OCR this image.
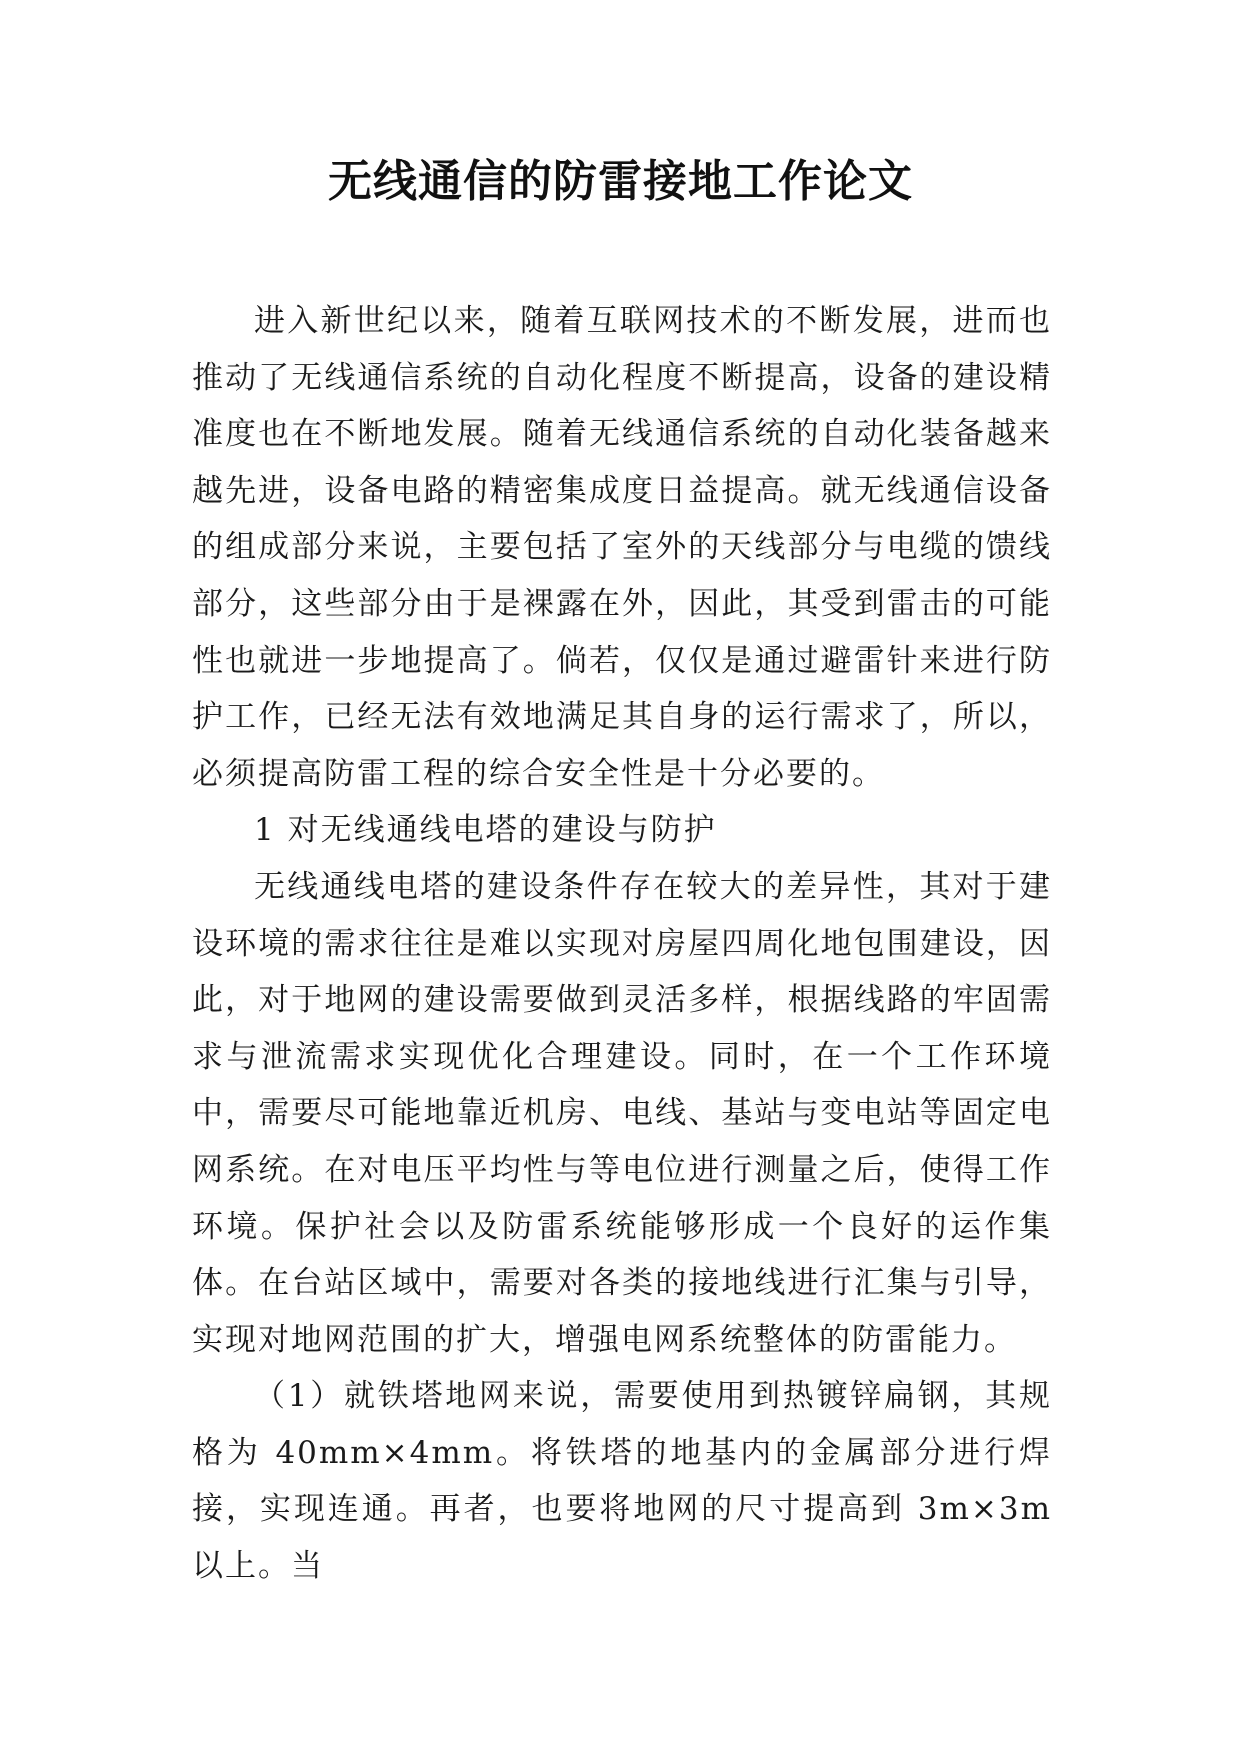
无线通信的防雷接地工作论文

进入新世纪以来，随着互联网技术的不断发展，进而也推动了无线通信系统的自动化程度不断提高，设备的建设精准度也在不断地发展。随着无线通信系统的自动化装备越来越先进，设备电路的精密集成度日益提高。就无线通信设备的组成部分来说，主要包括了室外的天线部分与电缆的馈线部分，这些部分由于是裸露在外，因此，其受到雷击的可能性也就进一步地提高了。倘若，仅仅是通过避雷针来进行防护工作，已经无法有效地满足其自身的运行需求了，所以，必须提高防雷工程的综合安全性是十分必要的。

1 对无线通线电塔的建设与防护

无线通线电塔的建设条件存在较大的差异性，其对于建设环境的需求往往是难以实现对房屋四周化地包围建设，因此，对于地网的建设需要做到灵活多样，根据线路的牢固需求与泄流需求实现优化合理建设。同时，在一个工作环境中，需要尽可能地靠近机房、电线、基站与变电站等固定电网系统。在对电压平均性与等电位进行测量之后，使得工作环境。保护社会以及防雷系统能够形成一个良好的运作集体。在台站区域中，需要对各类的接地线进行汇集与引导，实现对地网范围的扩大，增强电网系统整体的防雷能力。

（1）就铁塔地网来说，需要使用到热镀锌扁钢，其规格为 40mm×4mm。将铁塔的地基内的金属部分进行焊接，实现连通。再者，也要将地网的尺寸提高到 3m×3m 以上。当
